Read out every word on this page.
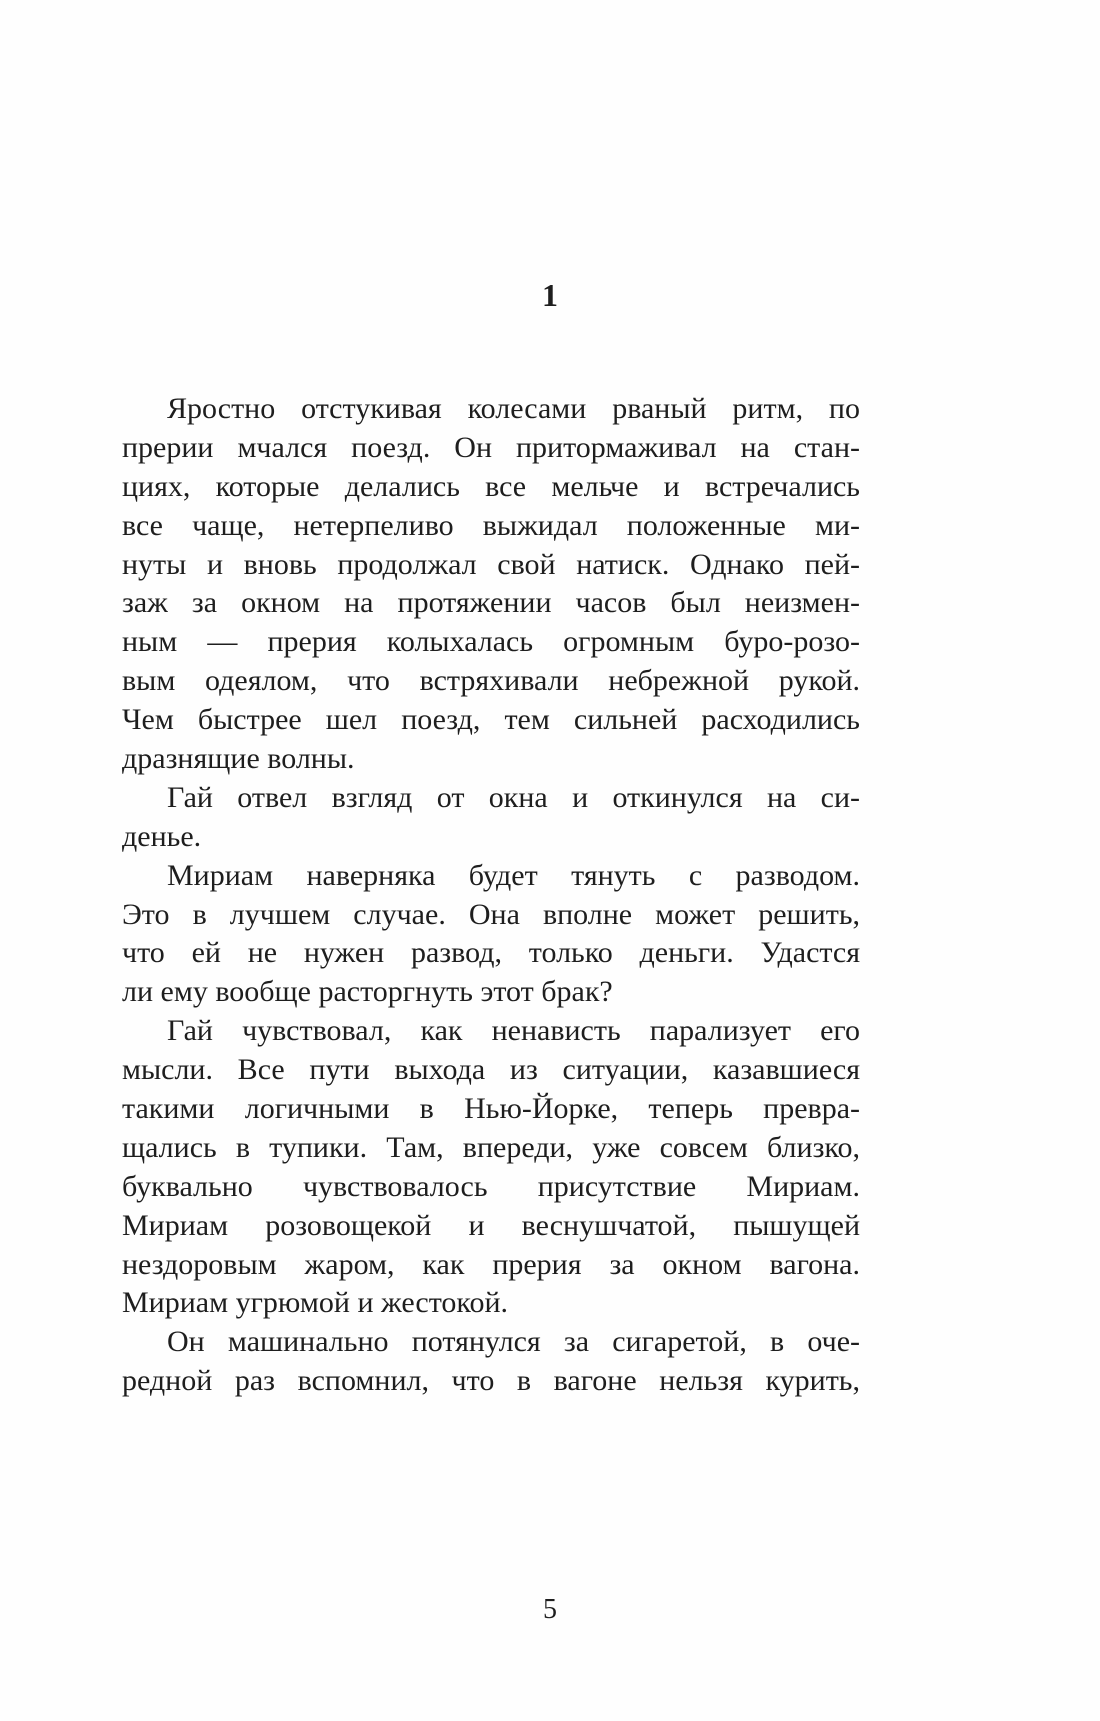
1
Яростно отстукивая колесами рваный ритм, по
прерии мчался поезд. Он притормаживал на стан-
циях, которые делались все мельче и встречались
все чаще, нетерпеливо выжидал положенные ми-
нуты и вновь продолжал свой натиск. Однако пей-
заж за окном на протяжении часов был неизмен-
ным — прерия колыхалась огромным буро-розо-
вым одеялом, что встряхивали небрежной рукой.
Чем быстрее шел поезд, тем сильней расходились
дразнящие волны.
Гай отвел взгляд от окна и откинулся на си-
денье.
Мириам наверняка будет тянуть с разводом.
Это в лучшем случае. Она вполне может решить,
что ей не нужен развод, только деньги. Удастся
ли ему вообще расторгнуть этот брак?
Гай чувствовал, как ненависть парализует его
мысли. Все пути выхода из ситуации, казавшиеся
такими логичными в Нью-Йорке, теперь превра-
щались в тупики. Там, впереди, уже совсем близко,
буквально чувствовалось присутствие Мириам.
Мириам розовощекой и веснушчатой, пышущей
нездоровым жаром, как прерия за окном вагона.
Мириам угрюмой и жестокой.
Он машинально потянулся за сигаретой, в оче-
редной раз вспомнил, что в вагоне нельзя курить,
5
